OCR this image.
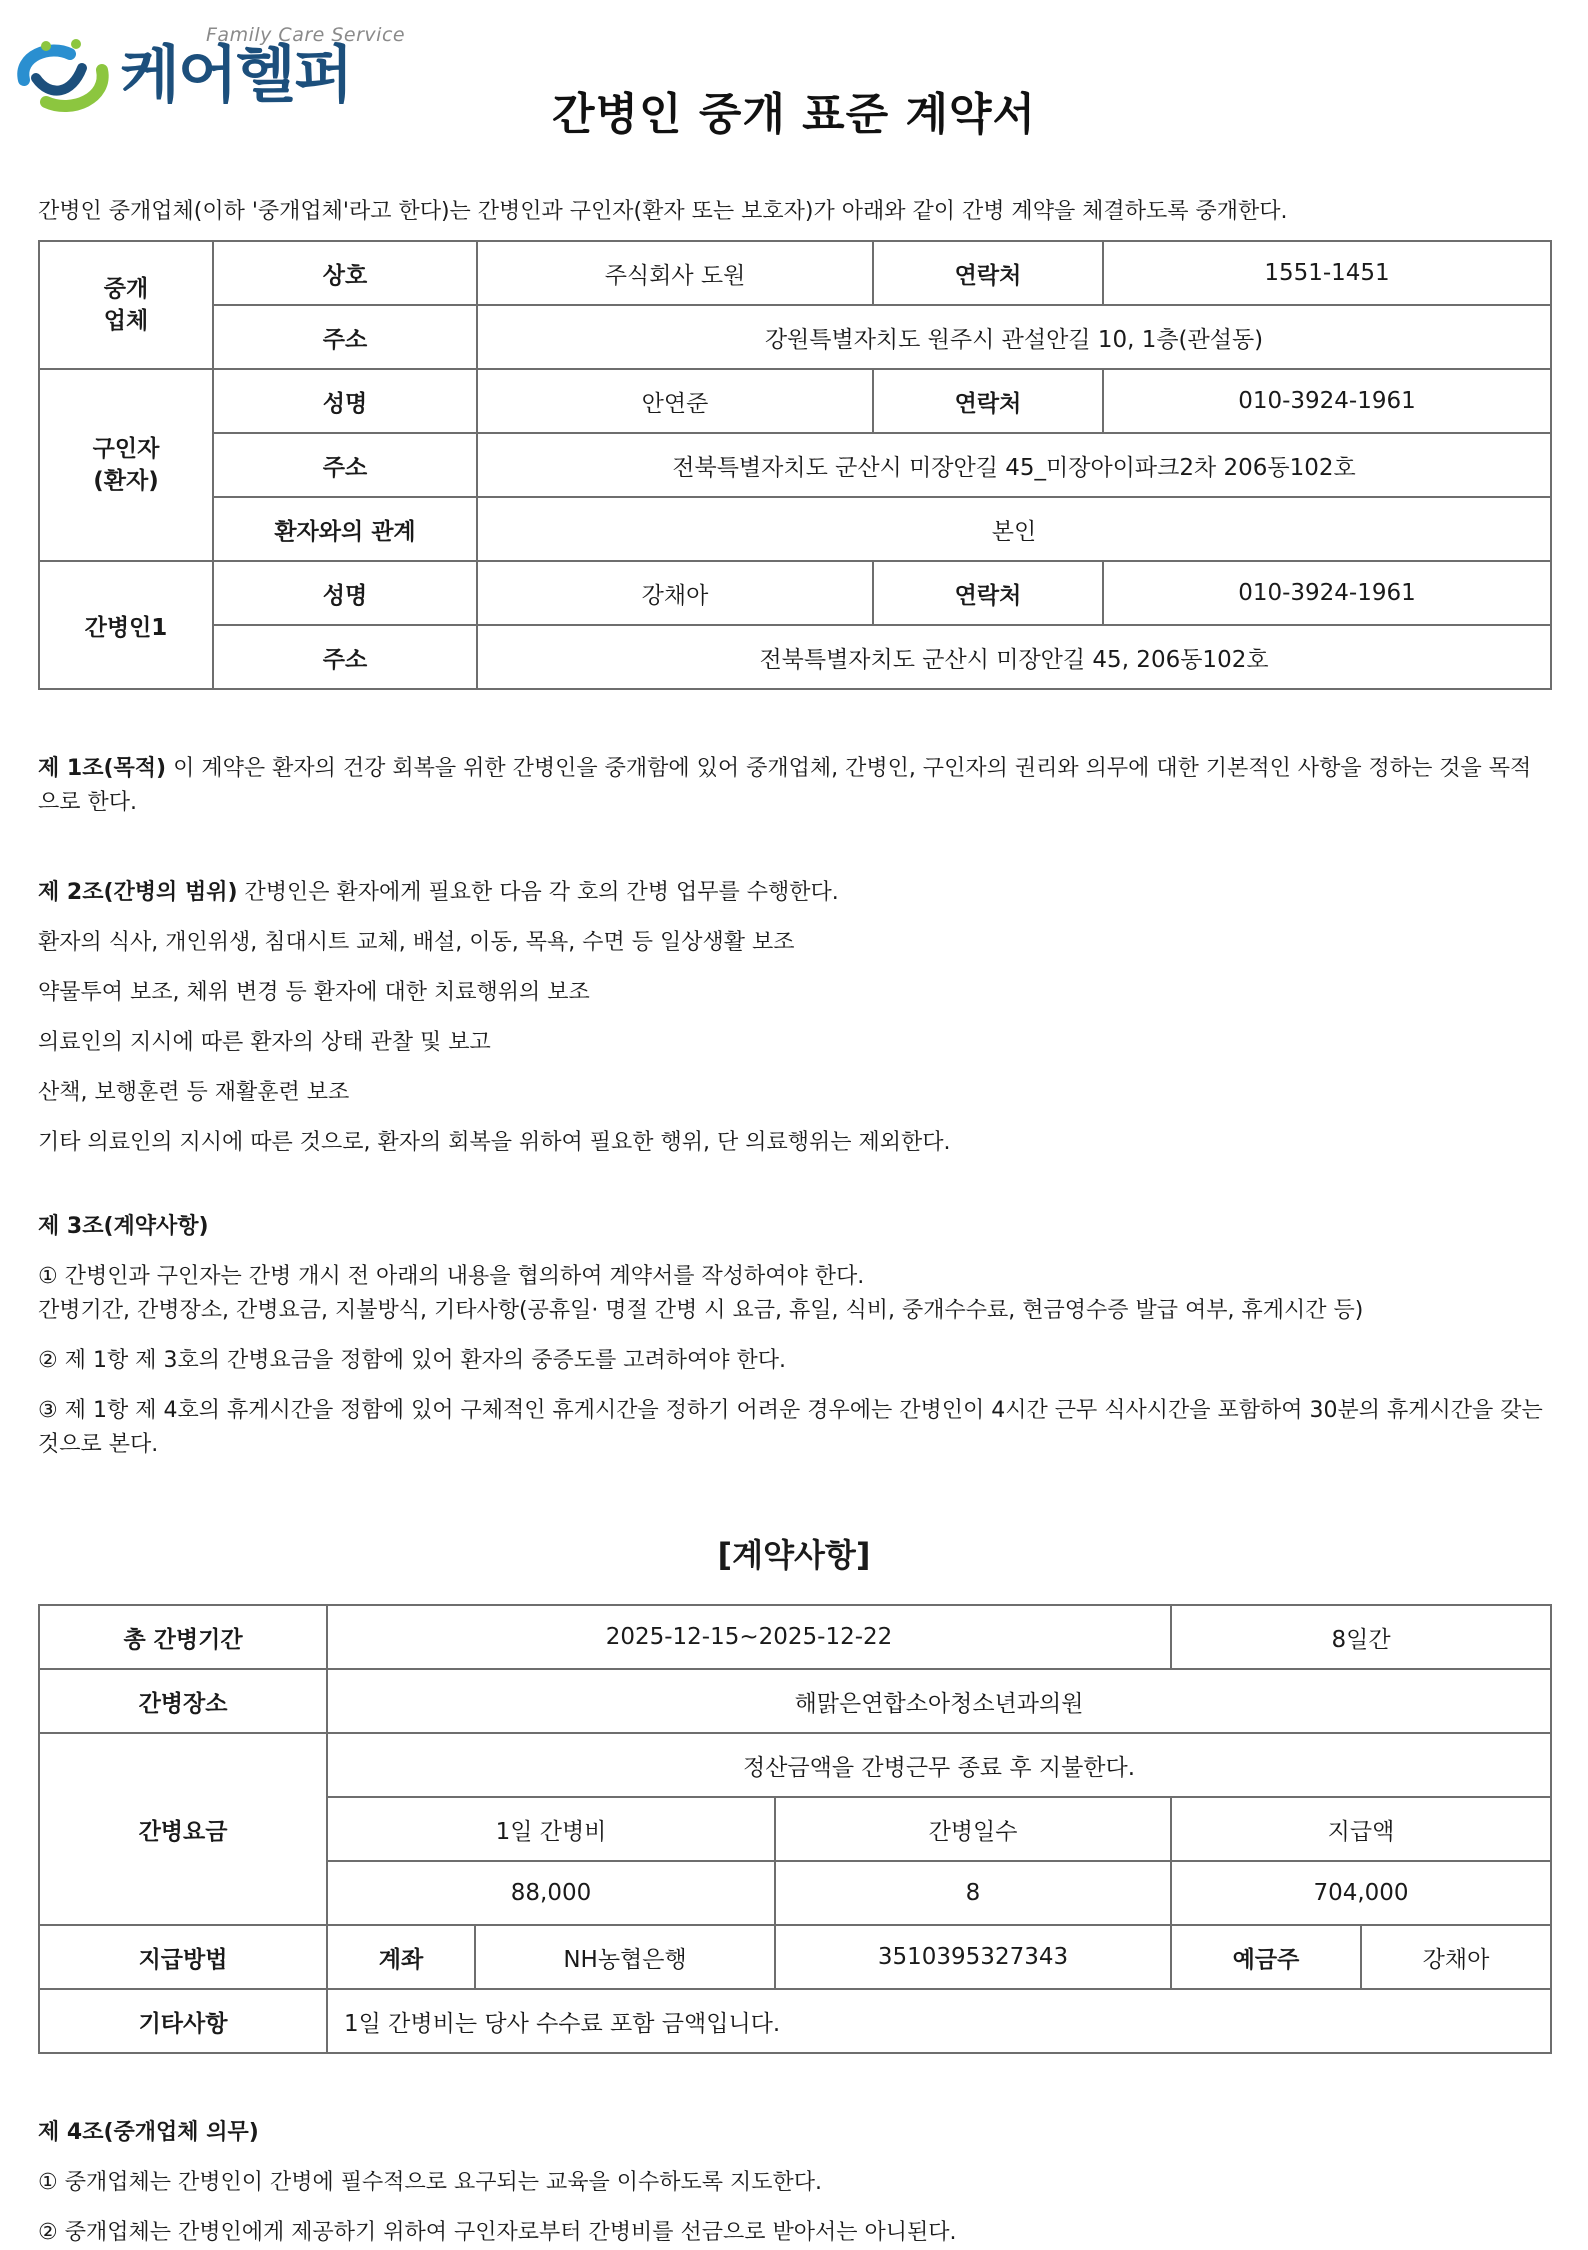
Family Care Service
케어헬퍼
간병인 중개 표준 계약서
간병인 중개업체(이하 '중개업체'라고 한다)는 간병인과 구인자(환자 또는 보호자)가 아래와 같이 간병 계약을 체결하도록 중개한다.
중개
업체	상호	주식회사 도원	연락처	1551-1451
	주소	강원특별자치도 원주시 관설안길 10, 1층(관설동)		
구인자
(환자)	성명	안연준	연락처	010-3924-1961
	주소	전북특별자치도 군산시 미장안길 45_미장아이파크2차 206동102호		
	환자와의 관계	본인		
간병인1	성명	강채아	연락처	010-3924-1961
	주소	전북특별자치도 군산시 미장안길 45, 206동102호		
제 1조(목적) 이 계약은 환자의 건강 회복을 위한 간병인을 중개함에 있어 중개업체, 간병인, 구인자의 권리와 의무에 대한 기본적인 사항을 정하는 것을 목적으로 한다.
제 2조(간병의 범위) 간병인은 환자에게 필요한 다음 각 호의 간병 업무를 수행한다.
환자의 식사, 개인위생, 침대시트 교체, 배설, 이동, 목욕, 수면 등 일상생활 보조
약물투여 보조, 체위 변경 등 환자에 대한 치료행위의 보조
의료인의 지시에 따른 환자의 상태 관찰 및 보고
산책, 보행훈련 등 재활훈련 보조
기타 의료인의 지시에 따른 것으로, 환자의 회복을 위하여 필요한 행위, 단 의료행위는 제외한다.
제 3조(계약사항)
① 간병인과 구인자는 간병 개시 전 아래의 내용을 협의하여 계약서를 작성하여야 한다.
간병기간, 간병장소, 간병요금, 지불방식, 기타사항(공휴일· 명절 간병 시 요금, 휴일, 식비, 중개수수료, 현금영수증 발급 여부, 휴게시간 등)
② 제 1항 제 3호의 간병요금을 정함에 있어 환자의 중증도를 고려하여야 한다.
③ 제 1항 제 4호의 휴게시간을 정함에 있어 구체적인 휴게시간을 정하기 어려운 경우에는 간병인이 4시간 근무 식사시간을 포함하여 30분의 휴게시간을 갖는 것으로 본다.
[계약사항]
총 간병기간	2025-12-15~2025-12-22			8일간	
간병장소	해맑은연합소아청소년과의원				
간병요금	정산금액을 간병근무 종료 후 지불한다.				
	1일 간병비		간병일수	지급액	
	88,000		8	704,000	
지급방법	계좌	NH농협은행	3510395327343	예금주	강채아
기타사항	1일 간병비는 당사 수수료 포함 금액입니다.				
제 4조(중개업체 의무)
① 중개업체는 간병인이 간병에 필수적으로 요구되는 교육을 이수하도록 지도한다.
② 중개업체는 간병인에게 제공하기 위하여 구인자로부터 간병비를 선금으로 받아서는 아니된다.
